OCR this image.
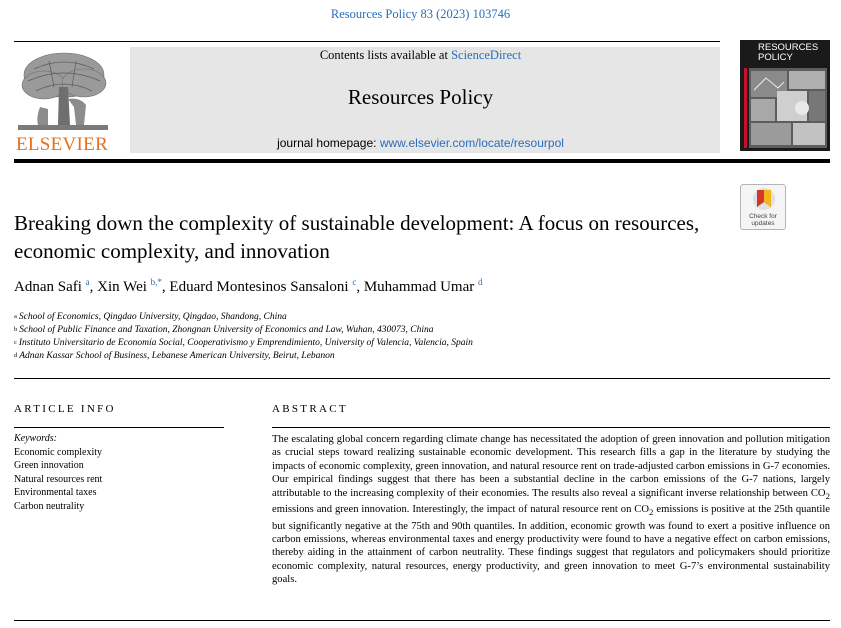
Resources Policy 83 (2023) 103746
ELSEVIER
Contents lists available at ScienceDirect
Resources Policy
journal homepage: www.elsevier.com/locate/resourpol
RESOURCES
POLICY
Check for
updates
Breaking down the complexity of sustainable development: A focus on resources, economic complexity, and innovation
Adnan Safi $^a$, Xin Wei $^{b,*}$, Eduard Montesinos Sansaloni $^c$, Muhammad Umar $^d$
$^a$ School of Economics, Qingdao University, Qingdao, Shandong, China
$^b$ School of Public Finance and Taxation, Zhongnan University of Economics and Law, Wuhan, 430073, China
$^c$ Instituto Universitario de Economía Social, Cooperativismo y Emprendimiento, University of Valencia, Valencia, Spain
$^d$ Adnan Kassar School of Business, Lebanese American University, Beirut, Lebanon
ARTICLE INFO	ABSTRACT
Keywords:
Economic complexity
Green innovation
Natural resources rent
Environmental taxes
Carbon neutrality
The escalating global concern regarding climate change has necessitated the adoption of green innovation and pollution mitigation as crucial steps toward realizing sustainable economic development. This research fills a gap in the literature by studying the impacts of economic complexity, green innovation, and natural resource rent on trade-adjusted carbon emissions in G-7 economies. Our empirical findings suggest that there has been a substantial decline in the carbon emissions of the G-7 nations, largely attributable to the increasing complexity of their economies. The results also reveal a significant inverse relationship between $CO_2$ emissions and green innovation. Interestingly, the impact of natural resource rent on $CO_2$ emissions is positive at the 25th quantile but significantly negative at the 75th and 90th quantiles. In addition, economic growth was found to exert a positive influence on carbon emissions, whereas environmental taxes and energy productivity were found to have a negative effect on carbon emissions, thereby aiding in the attainment of carbon neutrality. These findings suggest that regulators and policymakers should prioritize economic complexity, natural resources, energy productivity, and green innovation to meet G-7’s environmental sustainability goals.
